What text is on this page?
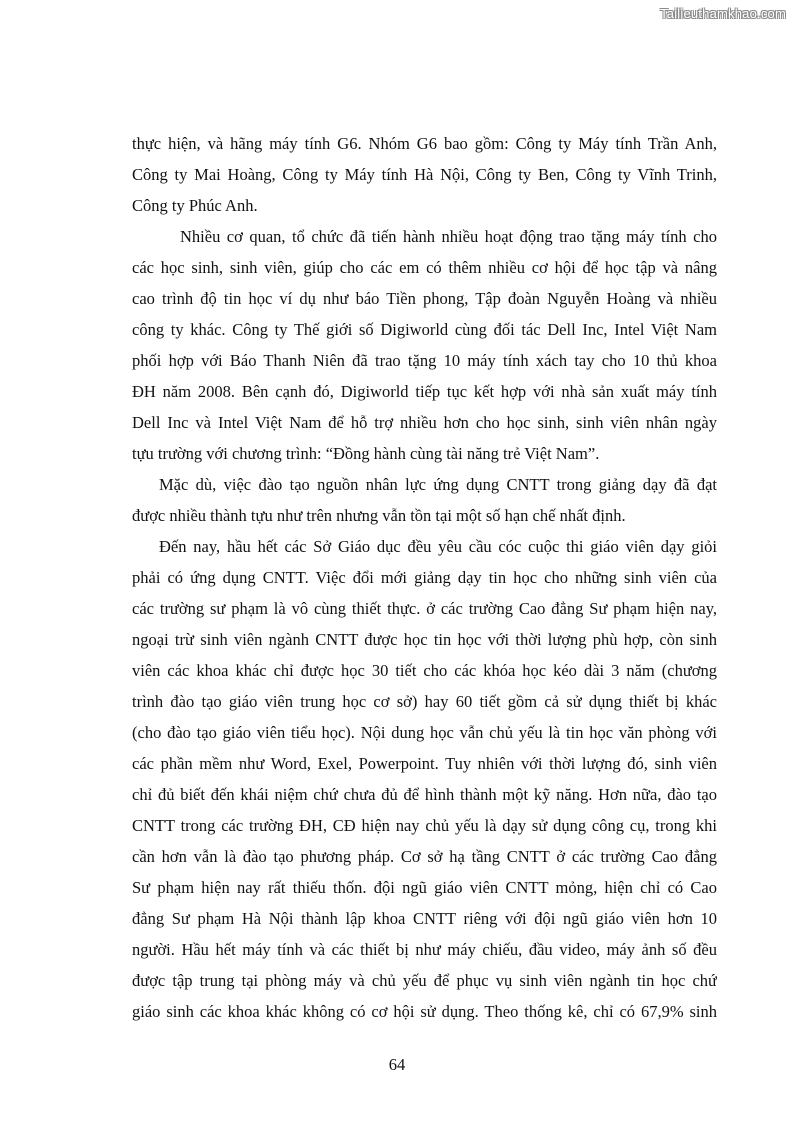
Tailieuthamkhao.com
thực hiện, và hãng máy tính G6. Nhóm G6 bao gồm: Công ty Máy tính Trần Anh,
Công ty Mai Hoàng, Công ty Máy tính Hà Nội, Công ty Ben, Công ty Vĩnh Trinh,
Công ty Phúc Anh.
Nhiều cơ quan, tổ chức đã tiến hành nhiều hoạt động trao tặng máy tính cho
các học sinh, sinh viên, giúp cho các em có thêm nhiều cơ hội để học tập và nâng
cao trình độ tin học ví dụ như báo Tiền phong, Tập đoàn Nguyễn Hoàng và nhiều
công ty khác. Công ty Thế giới số Digiworld cùng đối tác Dell Inc, Intel Việt Nam
phối hợp với Báo Thanh Niên đã trao tặng 10 máy tính xách tay cho 10 thủ khoa
ĐH năm 2008. Bên cạnh đó, Digiworld tiếp tục kết hợp với nhà sản xuất máy tính
Dell Inc và Intel Việt Nam để hỗ trợ nhiều hơn cho học sinh, sinh viên nhân ngày
tựu trường với chương trình: “Đồng hành cùng tài năng trẻ Việt Nam”.
Mặc dù, việc đào tạo nguồn nhân lực ứng dụng CNTT trong giảng dạy đã đạt
được nhiều thành tựu như trên nhưng vẫn tồn tại một số hạn chế nhất định.
Đến nay, hầu hết các Sở Giáo dục đều yêu cầu cóc cuộc thi giáo viên dạy giỏi
phải có ứng dụng CNTT. Việc đổi mới giảng dạy tin học cho những sinh viên của
các trường sư phạm là vô cùng thiết thực. ở các trường Cao đẳng Sư phạm hiện nay,
ngoại trừ sinh viên ngành CNTT được học tin học với thời lượng phù hợp, còn sinh
viên các khoa khác chỉ được học 30 tiết cho các khóa học kéo dài 3 năm (chương
trình đào tạo giáo viên trung học cơ sở) hay 60 tiết gồm cả sử dụng thiết bị khác
(cho đào tạo giáo viên tiểu học). Nội dung học vẫn chủ yếu là tin học văn phòng với
các phần mềm như Word, Exel, Powerpoint. Tuy nhiên với thời lượng đó, sinh viên
chỉ đủ biết đến khái niệm chứ chưa đủ để hình thành một kỹ năng. Hơn nữa, đào tạo
CNTT trong các trường ĐH, CĐ hiện nay chủ yếu là dạy sử dụng công cụ, trong khi
cần hơn vẫn là đào tạo phương pháp. Cơ sở hạ tầng CNTT ở các trường Cao đẳng
Sư phạm hiện nay rất thiếu thốn. đội ngũ giáo viên CNTT mỏng, hiện chỉ có Cao
đẳng Sư phạm Hà Nội thành lập khoa CNTT riêng với đội ngũ giáo viên hơn 10
người. Hầu hết máy tính và các thiết bị như máy chiếu, đầu video, máy ảnh số đều
được tập trung tại phòng máy và chủ yếu để phục vụ sinh viên ngành tin học chứ
giáo sinh các khoa khác không có cơ hội sử dụng. Theo thống kê, chỉ có 67,9% sinh
64
